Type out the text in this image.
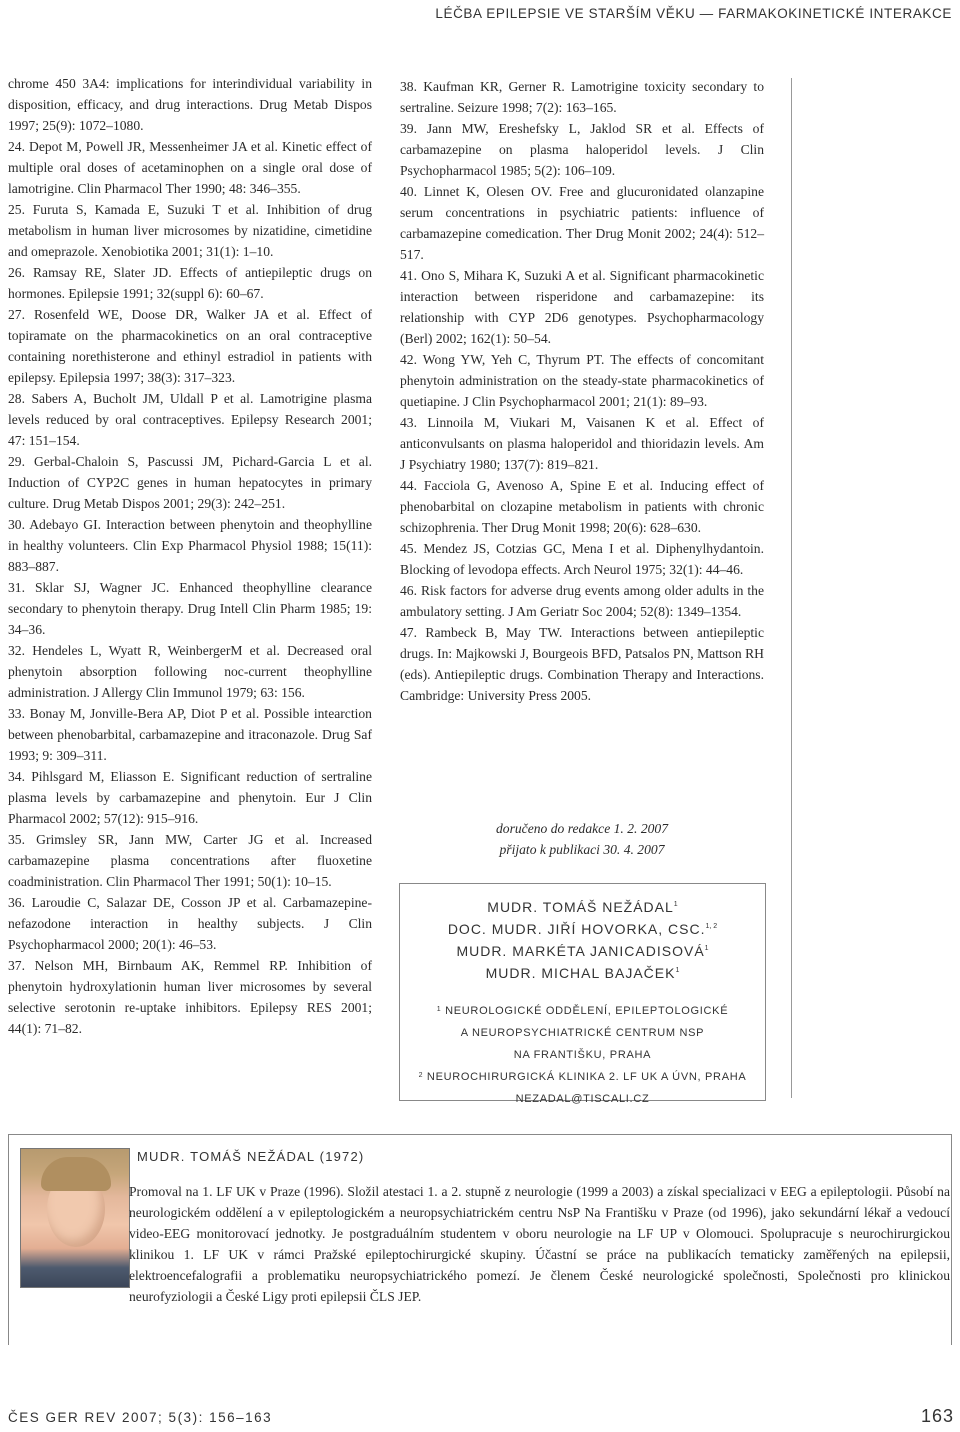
LÉČBA EPILEPSIE VE STARŠÍM VĚKU — FARMAKOKINETICKÉ INTERAKCE

chrome 450 3A4: implications for interindividual variability in disposition, efficacy, and drug interactions. Drug Metab Dispos 1997; 25(9): 1072–1080.

24. Depot M, Powell JR, Messenheimer JA et al. Kinetic effect of multiple oral doses of acetaminophen on a single oral dose of lamotrigine. Clin Pharmacol Ther 1990; 48: 346–355.

25. Furuta S, Kamada E, Suzuki T et al. Inhibition of drug metabolism in human liver microsomes by nizatidine, cimetidine and omeprazole. Xenobiotika 2001; 31(1): 1–10.

26. Ramsay RE, Slater JD. Effects of antiepileptic drugs on hormones. Epilepsie 1991; 32(suppl 6): 60–67.

27. Rosenfeld WE, Doose DR, Walker JA et al. Effect of topiramate on the pharmacokinetics on an oral contraceptive containing norethisterone and ethinyl estradiol in patients with epilepsy. Epilepsia 1997; 38(3): 317–323.

28. Sabers A, Bucholt JM, Uldall P et al. Lamotrigine plasma levels reduced by oral contraceptives. Epilepsy Research 2001; 47: 151–154.

29. Gerbal-Chaloin S, Pascussi JM, Pichard-Garcia L et al. Induction of CYP2C genes in human hepatocytes in primary culture. Drug Metab Dispos 2001; 29(3): 242–251.

30. Adebayo GI. Interaction between phenytoin and theophylline in healthy volunteers. Clin Exp Pharmacol Physiol 1988; 15(11): 883–887.

31. Sklar SJ, Wagner JC. Enhanced theophylline clearance secondary to phenytoin therapy. Drug Intell Clin Pharm 1985; 19: 34–36.

32. Hendeles L, Wyatt R, WeinbergerM et al. Decreased oral phenytoin absorption following noc-current theophylline administration. J Allergy Clin Immunol 1979; 63: 156.

33. Bonay M, Jonville-Bera AP, Diot P et al. Possible intearction between phenobarbital, carbamazepine and itraconazole. Drug Saf 1993; 9: 309–311.

34. Pihlsgard M, Eliasson E. Significant reduction of sertraline plasma levels by carbamazepine and phenytoin. Eur J Clin Pharmacol 2002; 57(12): 915–916.

35. Grimsley SR, Jann MW, Carter JG et al. Increased carbamazepine plasma concentrations after fluoxetine coadministration. Clin Pharmacol Ther 1991; 50(1): 10–15.

36. Laroudie C, Salazar DE, Cosson JP et al. Carbamazepine-nefazodone interaction in healthy subjects. J Clin Psychopharmacol 2000; 20(1): 46–53.

37. Nelson MH, Birnbaum AK, Remmel RP. Inhibition of phenytoin hydroxylationin human liver microsomes by several selective serotonin re-uptake inhibitors. Epilepsy RES 2001; 44(1): 71–82.

38. Kaufman KR, Gerner R. Lamotrigine toxicity secondary to sertraline. Seizure 1998; 7(2): 163–165.

39. Jann MW, Ereshefsky L, Jaklod SR et al. Effects of carbamazepine on plasma haloperidol levels. J Clin Psychopharmacol 1985; 5(2): 106–109.

40. Linnet K, Olesen OV. Free and glucuronidated olanzapine serum concentrations in psychiatric patients: influence of carbamazepine comedication. Ther Drug Monit 2002; 24(4): 512–517.

41. Ono S, Mihara K, Suzuki A et al. Significant pharmacokinetic interaction between risperidone and carbamazepine: its relationship with CYP 2D6 genotypes. Psychopharmacology (Berl) 2002; 162(1): 50–54.

42. Wong YW, Yeh C, Thyrum PT. The effects of concomitant phenytoin administration on the steady-state pharmacokinetics of quetiapine. J Clin Psychopharmacol 2001; 21(1): 89–93.

43. Linnoila M, Viukari M, Vaisanen K et al. Effect of anticonvulsants on plasma haloperidol and thioridazin levels. Am J Psychiatry 1980; 137(7): 819–821.

44. Facciola G, Avenoso A, Spine E et al. Inducing effect of phenobarbital on clozapine metabolism in patients with chronic schizophrenia. Ther Drug Monit 1998; 20(6): 628–630.

45. Mendez JS, Cotzias GC, Mena I et al. Diphenylhydantoin. Blocking of levodopa effects. Arch Neurol 1975; 32(1): 44–46.

46. Risk factors for adverse drug events among older adults in the ambulatory setting. J Am Geriatr Soc 2004; 52(8): 1349–1354.

47. Rambeck B, May TW. Interactions between antiepileptic drugs. In: Majkowski J, Bourgeois BFD, Patsalos PN, Mattson RH (eds). Antiepileptic drugs. Combination Therapy and Interactions. Cambridge: University Press 2005.

doručeno do redakce 1. 2. 2007
přijato k publikaci 30. 4. 2007
MUDR. TOMÁŠ NEŽÁDAL$^1$
DOC. MUDR. JIŘÍ HOVORKA, CSC.$^{1, 2}$
MUDR. MARKÉTA JANICADISOVÁ$^1$
MUDR. MICHAL BAJAČEK$^1$
$^1$ NEUROLOGICKÉ ODDĚLENÍ, EPILEPTOLOGICKÉ
A NEUROPSYCHIATRICKÉ CENTRUM NSP
NA FRANTIŠKU, PRAHA
$^2$ NEUROCHIRURGICKÁ KLINIKA 2. LF UK A ÚVN, PRAHA
NEZADAL@TISCALI.CZ
MUDR. TOMÁŠ NEŽÁDAL (1972)

Promoval na 1. LF UK v Praze (1996). Složil atestaci 1. a 2. stupně z neurologie (1999 a 2003) a získal specializaci v EEG a epileptologii. Působí na neurologickém oddělení a v epileptologickém a neuropsychiatrickém centru NsP Na Františku v Praze (od 1996), jako sekundární lékař a vedoucí video-EEG monitorovací jednotky. Je postgraduálním studentem v oboru neurologie na LF UP v Olomouci. Spolupracuje s neurochirurgickou klinikou 1. LF UK v rámci Pražské epileptochirurgické skupiny. Účastní se práce na publikacích tematicky zaměřených na epilepsii, elektroencefalografii a problematiku neuropsychiatrického pomezí. Je členem České neurologické společnosti, Společnosti pro klinickou neurofyziologii a České Ligy proti epilepsii ČLS JEP.

ČES GER REV 2007; 5(3): 156–163	163
